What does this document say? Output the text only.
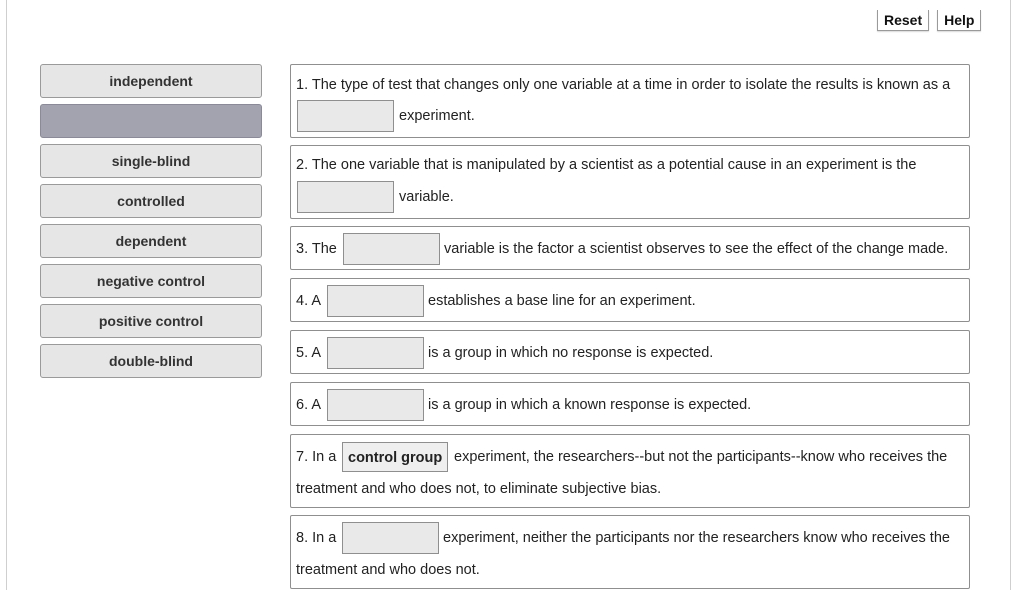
Reset	Help
independent
single-blind
controlled
dependent
negative control
positive control
double-blind
1. The type of test that changes only one variable at a time in order to isolate the results is known as a
experiment.
2. The one variable that is manipulated by a scientist as a potential cause in an experiment is the
variable.
3. The	variable is the factor a scientist observes to see the effect of the change made.
4. A	establishes a base line for an experiment.
5. A	is a group in which no response is expected.
6. A	is a group in which a known response is expected.
7. In a control group experiment, the researchers--but not the participants--know who receives the
treatment and who does not, to eliminate subjective bias.
8. In a	experiment, neither the participants nor the researchers know who receives the
treatment and who does not.
